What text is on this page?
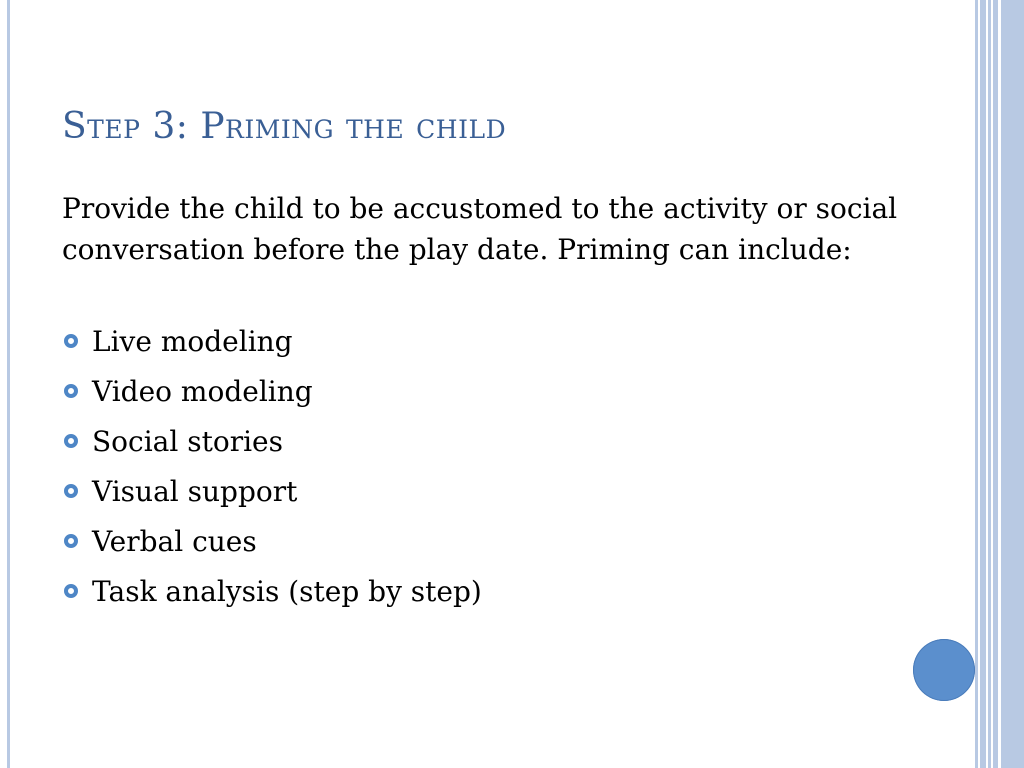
Step 3: Priming the child

Provide the child to be accustomed to the activity or social conversation before the play date. Priming can include:

Live modeling
Video modeling
Social stories
Visual support
Verbal cues
Task analysis (step by step)
